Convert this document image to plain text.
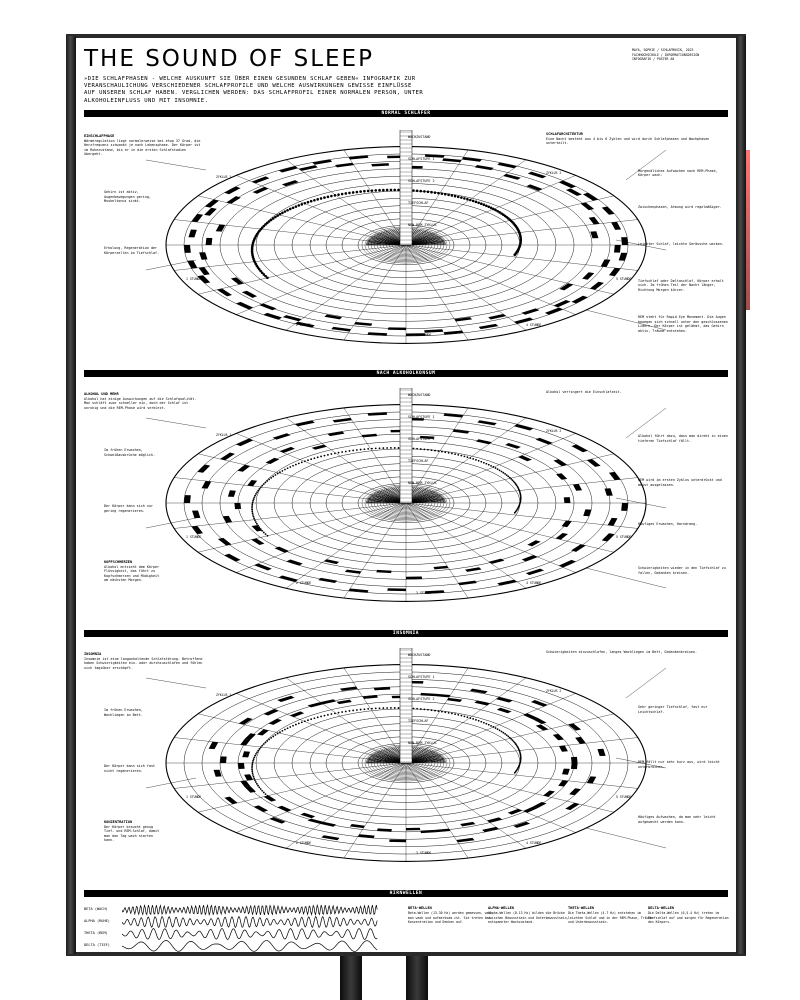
THE SOUND OF SLEEP	MAYA, SOPHIE / SCHLAFMUSIK, 2023
FACHHOCHSCHULE / INFORMATIONSDESIGN
INFOGRAFIK / POSTER A0
»DIE SCHLAFPHASEN - WELCHE AUSKUNFT SIE ÜBER EINEN GESUNDEN SCHLAF GEBEN« INFOGRAFIK ZUR VERANSCHAULICHUNG VERSCHIEDENER SCHLAFPROFILE UND WELCHE AUSWIRKUNGEN GEWISSE EINFLÜSSE AUF UNSEREN SCHLAF HABEN. VERGLICHEN WERDEN: DAS SCHLAFPROFIL EINER NORMALEN PERSON, UNTER ALKOHOLEINFLUSS UND MIT INSOMNIE.
NORMAL SCHLÄFER
WACHZUSTAND
SCHLAFSTUFE 1
SCHLAFSTUFE 2
TIEFSCHLAF
NON REM ZYKLUS
ZYKLUS 1
ZYKLUS 2
1 STUNDE
2 STUNDE
3 STUNDE
4 STUNDE
5 STUNDE
NACH ALKOHOLKONSUM
WACHZUSTAND
SCHLAFSTUFE 1
SCHLAFSTUFE 2
TIEFSCHLAF
NON REM ZYKLUS
ZYKLUS 1
ZYKLUS 2
1 STUNDE
2 STUNDE
3 STUNDE
4 STUNDE
5 STUNDE
INSOMNIA
WACHZUSTAND
SCHLAFSTUFE 1
SCHLAFSTUFE 2
TIEFSCHLAF
NON REM ZYKLUS
ZYKLUS 1
ZYKLUS 2
1 STUNDE
2 STUNDE
3 STUNDE
4 STUNDE
5 STUNDE
HIRNWELLEN
BETA (WACH)
ALPHA (RUHE)
THETA (REM)
DELTA (TIEF)
BETA-WELLEN
Beta-Wellen (13-30 Hz) werden gemessen, wenn man wach und aufmerksam ist. Sie treten bei Konzentration und Denken auf.
ALPHA-WELLEN
Alpha-Wellen (8-13 Hz) bilden die Brücke zwischen Bewusstsein und Unterbewusstsein, entspannter Wachzustand.
THETA-WELLEN
Die Theta-Wellen (4-7 Hz) entstehen im leichten Schlaf und in der REM-Phase, Träume und Unterbewusstsein.
DELTA-WELLEN
Die Delta-Wellen (0,5-4 Hz) treten im Tiefschlaf auf und sorgen für Regeneration des Körpers.
EINSCHLAFPHASE
Wärmeregulation liegt normalerweise bei etwa 37 Grad, die Herzfrequenz schwankt je nach Lebensphase. Der Körper ist im Ruhezustand, bis er in die ersten Schlafstadien übergeht.
Gehirn ist aktiv, Augenbewegungen gering, Muskeltonus sinkt.
Erholung, Regeneration der Körperzellen im Tiefschlaf.
SCHLAFARCHITEKTUR
Eine Nacht besteht aus 4 bis 6 Zyklen und wird durch Schlafphasen und Wachphasen unterteilt.
Morgendliches Aufwachen nach REM-Phase, Körper wach.
Zwischenphasen, Atmung wird regelmäßiger.
Leichter Schlaf, leichte Geräusche wecken.
Tiefschlaf oder Deltaschlaf, Körper erholt sich. Im frühen Teil der Nacht länger, Richtung Morgen kürzer.
REM steht für Rapid Eye Movement. Die Augen bewegen sich schnell unter den geschlossenen Lidern. Der Körper ist gelähmt, das Gehirn aktiv, Träume entstehen.
ALKOHOL UND MEHR
Alkohol hat einige Auswirkungen auf die Schlafqualität. Man schläft zwar schneller ein, doch der Schlaf ist unruhig und die REM-Phase wird verkürzt.
Im frühen Erwachen, Schweißausbrüche möglich.
Der Körper kann sich nur gering regenerieren.
KOPFSCHMERZEN
Alkohol entzieht dem Körper Flüssigkeit, das führt zu Kopfschmerzen und Müdigkeit am nächsten Morgen.
Alkohol verringert die Einschlafzeit.
Alkohol führt dazu, dass man direkt in einen tieferen Tiefschlaf fällt.
REM wird im ersten Zyklus unterdrückt und meist ausgelassen.
Häufiges Erwachen, Harndrang.
Schwierigkeiten wieder in den Tiefschlaf zu fallen, Gedanken kreisen.
INSOMNIA
Insomnie ist eine langanhaltende Schlafstörung. Betroffene haben Schwierigkeiten ein- oder durchzuschlafen und fühlen sich tagsüber erschöpft.
Im frühen Erwachen, Wachliegen im Bett.
Der Körper kann sich fast nicht regenerieren.
KONZENTRATION
Der Körper braucht genug Tief- und REM-Schlaf, damit man den Tag wach starten kann.
Schwierigkeiten einzuschlafen, langes Wachliegen im Bett, Gedankenkreisen.
Sehr geringer Tiefschlaf, fast nur Leichtschlaf.
REM fällt nur sehr kurz aus, wird leicht unterbrochen.
Häufiges Aufwachen, da man sehr leicht aufgeweckt werden kann.
